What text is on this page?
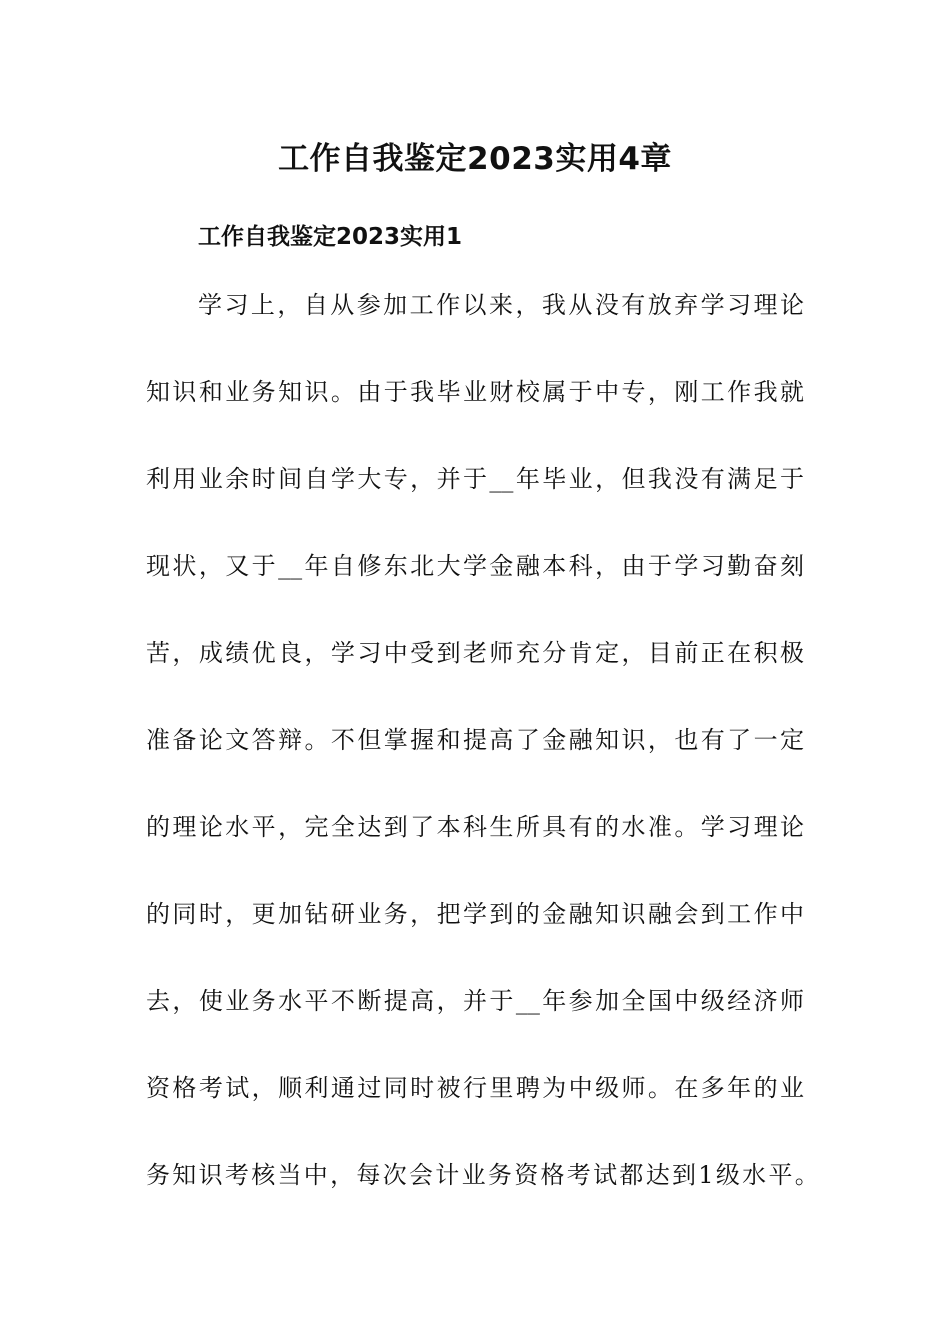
工作自我鉴定2023实用4章
工作自我鉴定2023实用1

学习上，自从参加工作以来，我从没有放弃学习理论

知识和业务知识。由于我毕业财校属于中专，刚工作我就

利用业余时间自学大专，并于__年毕业，但我没有满足于

现状，又于__年自修东北大学金融本科，由于学习勤奋刻

苦，成绩优良，学习中受到老师充分肯定，目前正在积极

准备论文答辩。不但掌握和提高了金融知识，也有了一定

的理论水平，完全达到了本科生所具有的水准。学习理论

的同时，更加钻研业务，把学到的金融知识融会到工作中

去，使业务水平不断提高，并于__年参加全国中级经济师

资格考试，顺利通过同时被行里聘为中级师。在多年的业

务知识考核当中，每次会计业务资格考试都达到1级水平。
